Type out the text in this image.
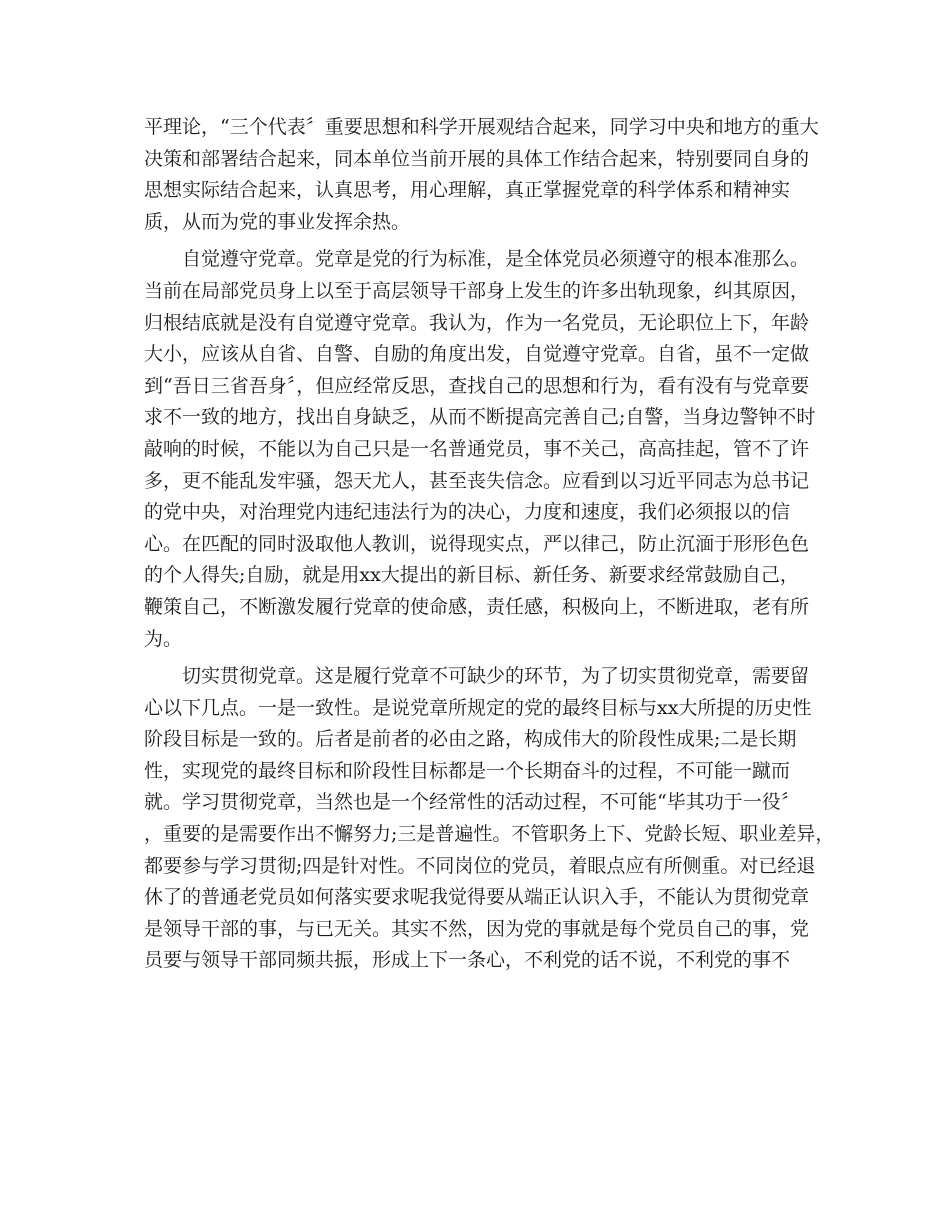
平理论，“三个代表〞重要思想和科学开展观结合起来，同学习中央和地方的重大
决策和部署结合起来，同本单位当前开展的具体工作结合起来，特别要同自身的
思想实际结合起来，认真思考，用心理解，真正掌握党章的科学体系和精神实
质，从而为党的事业发挥余热。
　　自觉遵守党章。党章是党的行为标准，是全体党员必须遵守的根本准那么。
当前在局部党员身上以至于高层领导干部身上发生的许多出轨现象，纠其原因，
归根结底就是没有自觉遵守党章。我认为，作为一名党员，无论职位上下，年龄
大小，应该从自省、自警、自励的角度出发，自觉遵守党章。自省，虽不一定做
到“吾日三省吾身〞，但应经常反思，查找自己的思想和行为，看有没有与党章要
求不一致的地方，找出自身缺乏，从而不断提高完善自己;自警，当身边警钟不时
敲响的时候，不能以为自己只是一名普通党员，事不关己，高高挂起，管不了许
多，更不能乱发牢骚，怨天尤人，甚至丧失信念。应看到以习近平同志为总书记
的党中央，对治理党内违纪违法行为的决心，力度和速度，我们必须报以的信
心。在匹配的同时汲取他人教训，说得现实点，严以律己，防止沉湎于形形色色
的个人得失;自励，就是用xx大提出的新目标、新任务、新要求经常鼓励自己，
鞭策自己，不断激发履行党章的使命感，责任感，积极向上，不断进取，老有所
为。
　　切实贯彻党章。这是履行党章不可缺少的环节，为了切实贯彻党章，需要留
心以下几点。一是一致性。是说党章所规定的党的最终目标与xx大所提的历史性
阶段目标是一致的。后者是前者的必由之路，构成伟大的阶段性成果;二是长期
性，实现党的最终目标和阶段性目标都是一个长期奋斗的过程，不可能一蹴而
就。学习贯彻党章，当然也是一个经常性的活动过程，不可能“毕其功于一役〞
，重要的是需要作出不懈努力;三是普遍性。不管职务上下、党龄长短、职业差异，
都要参与学习贯彻;四是针对性。不同岗位的党员，着眼点应有所侧重。对已经退
休了的普通老党员如何落实要求呢我觉得要从端正认识入手，不能认为贯彻党章
是领导干部的事，与已无关。其实不然，因为党的事就是每个党员自己的事，党
员要与领导干部同频共振，形成上下一条心，不利党的话不说，不利党的事不
